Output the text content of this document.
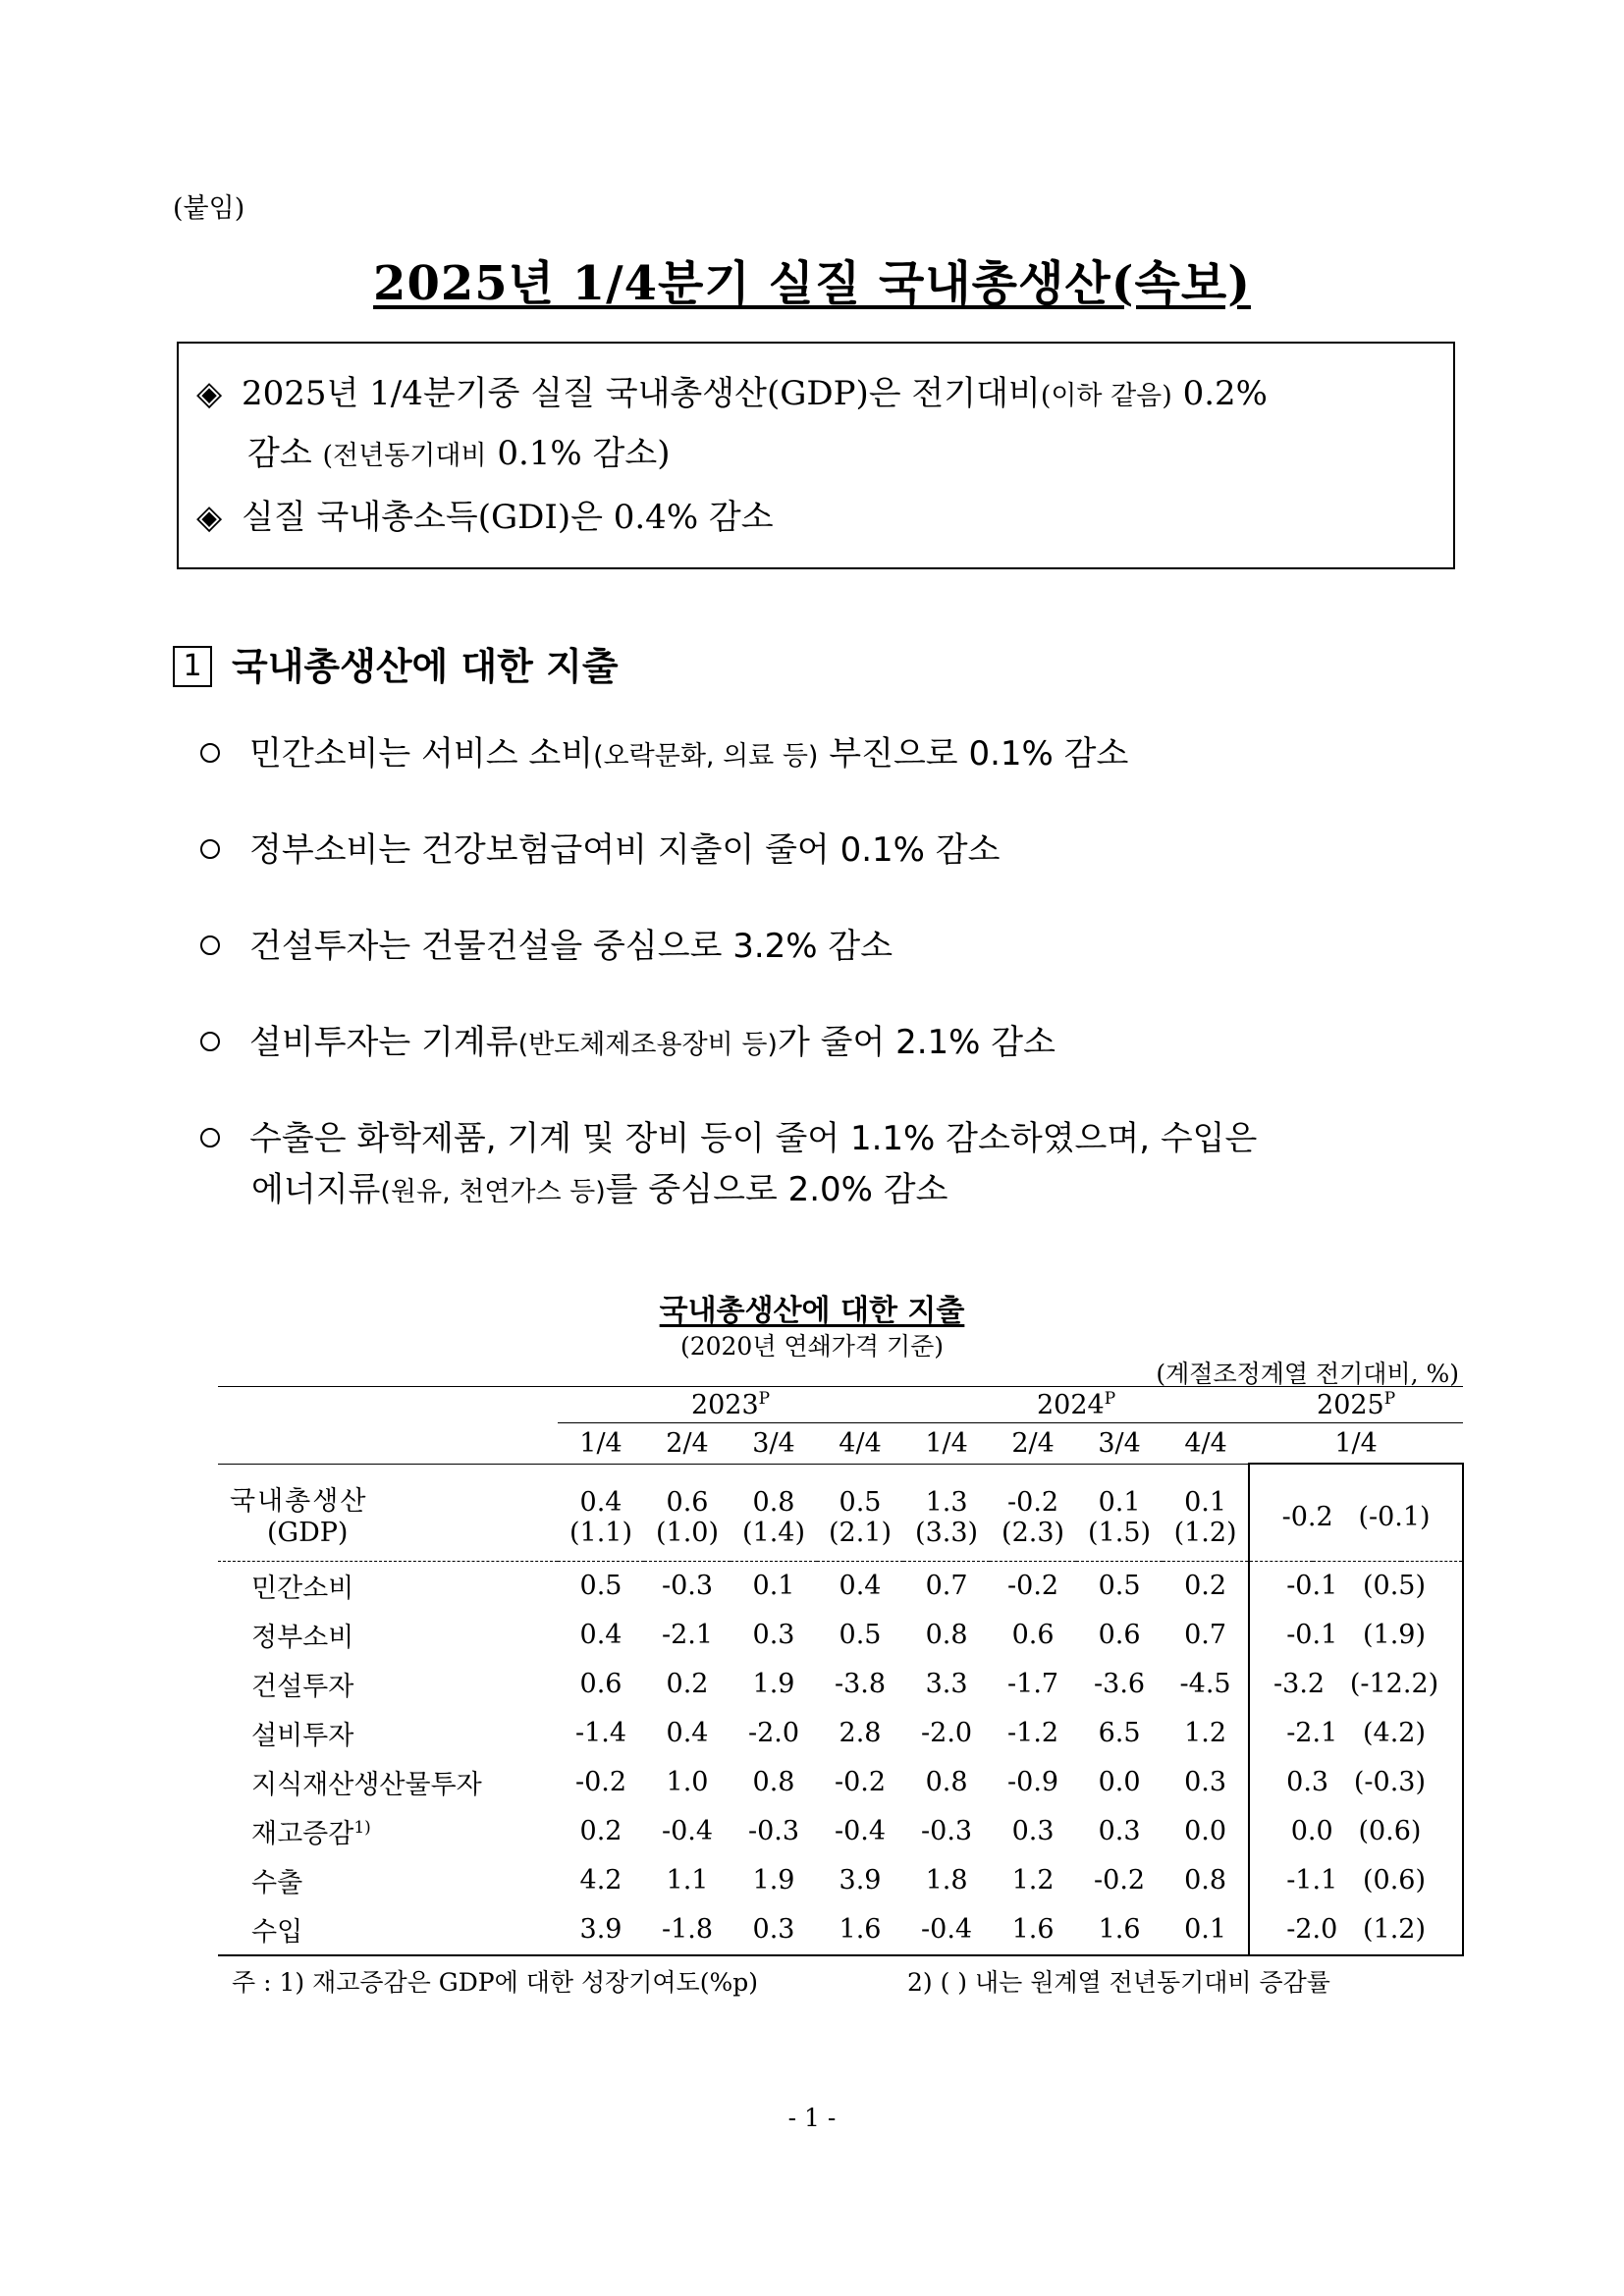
(붙임)
2025년 1/4분기 실질 국내총생산(속보)
◈ 2025년 1/4분기중 실질 국내총생산(GDP)은 전기대비(이하 같음) 0.2%
감소 (전년동기대비 0.1% 감소)
◈ 실질 국내총소득(GDI)은 0.4% 감소
1 국내총생산에 대한 지출
민간소비는 서비스 소비(오락문화, 의료 등) 부진으로 0.1% 감소
정부소비는 건강보험급여비 지출이 줄어 0.1% 감소
건설투자는 건물건설을 중심으로 3.2% 감소
설비투자는 기계류(반도체제조용장비 등)가 줄어 2.1% 감소
수출은 화학제품, 기계 및 장비 등이 줄어 1.1% 감소하였으며, 수입은
에너지류(원유, 천연가스 등)를 중심으로 2.0% 감소
국내총생산에 대한 지출
(2020년 연쇄가격 기준)
(계절조정계열 전기대비, %)
	$2023^P$				$2024^P$				$2025^P$
	1/4	2/4	3/4	4/4	1/4	2/4	3/4	4/4	1/4
국내총생산	0.4	0.6	0.8	0.5	1.3	-0.2	0.1	0.1	-0.2 (-0.1)
(GDP)	(1.1)	(1.0)	(1.4)	(2.1)	(3.3)	(2.3)	(1.5)	(1.2)	
민간소비	0.5	-0.3	0.1	0.4	0.7	-0.2	0.5	0.2	-0.1 (0.5)
정부소비	0.4	-2.1	0.3	0.5	0.8	0.6	0.6	0.7	-0.1 (1.9)
건설투자	0.6	0.2	1.9	-3.8	3.3	-1.7	-3.6	-4.5	-3.2 (-12.2)
설비투자	-1.4	0.4	-2.0	2.8	-2.0	-1.2	6.5	1.2	-2.1 (4.2)
지식재산생산물투자	-0.2	1.0	0.8	-0.2	0.8	-0.9	0.0	0.3	0.3 (-0.3)
재고증감$^{1)}$	0.2	-0.4	-0.3	-0.4	-0.3	0.3	0.3	0.0	0.0 (0.6)
수출	4.2	1.1	1.9	3.9	1.8	1.2	-0.2	0.8	-1.1 (0.6)
수입	3.9	-1.8	0.3	1.6	-0.4	1.6	1.6	0.1	-2.0 (1.2)
주 : 1) 재고증감은 GDP에 대한 성장기여도(%p)	2) ( ) 내는 원계열 전년동기대비 증감률
- 1 -
